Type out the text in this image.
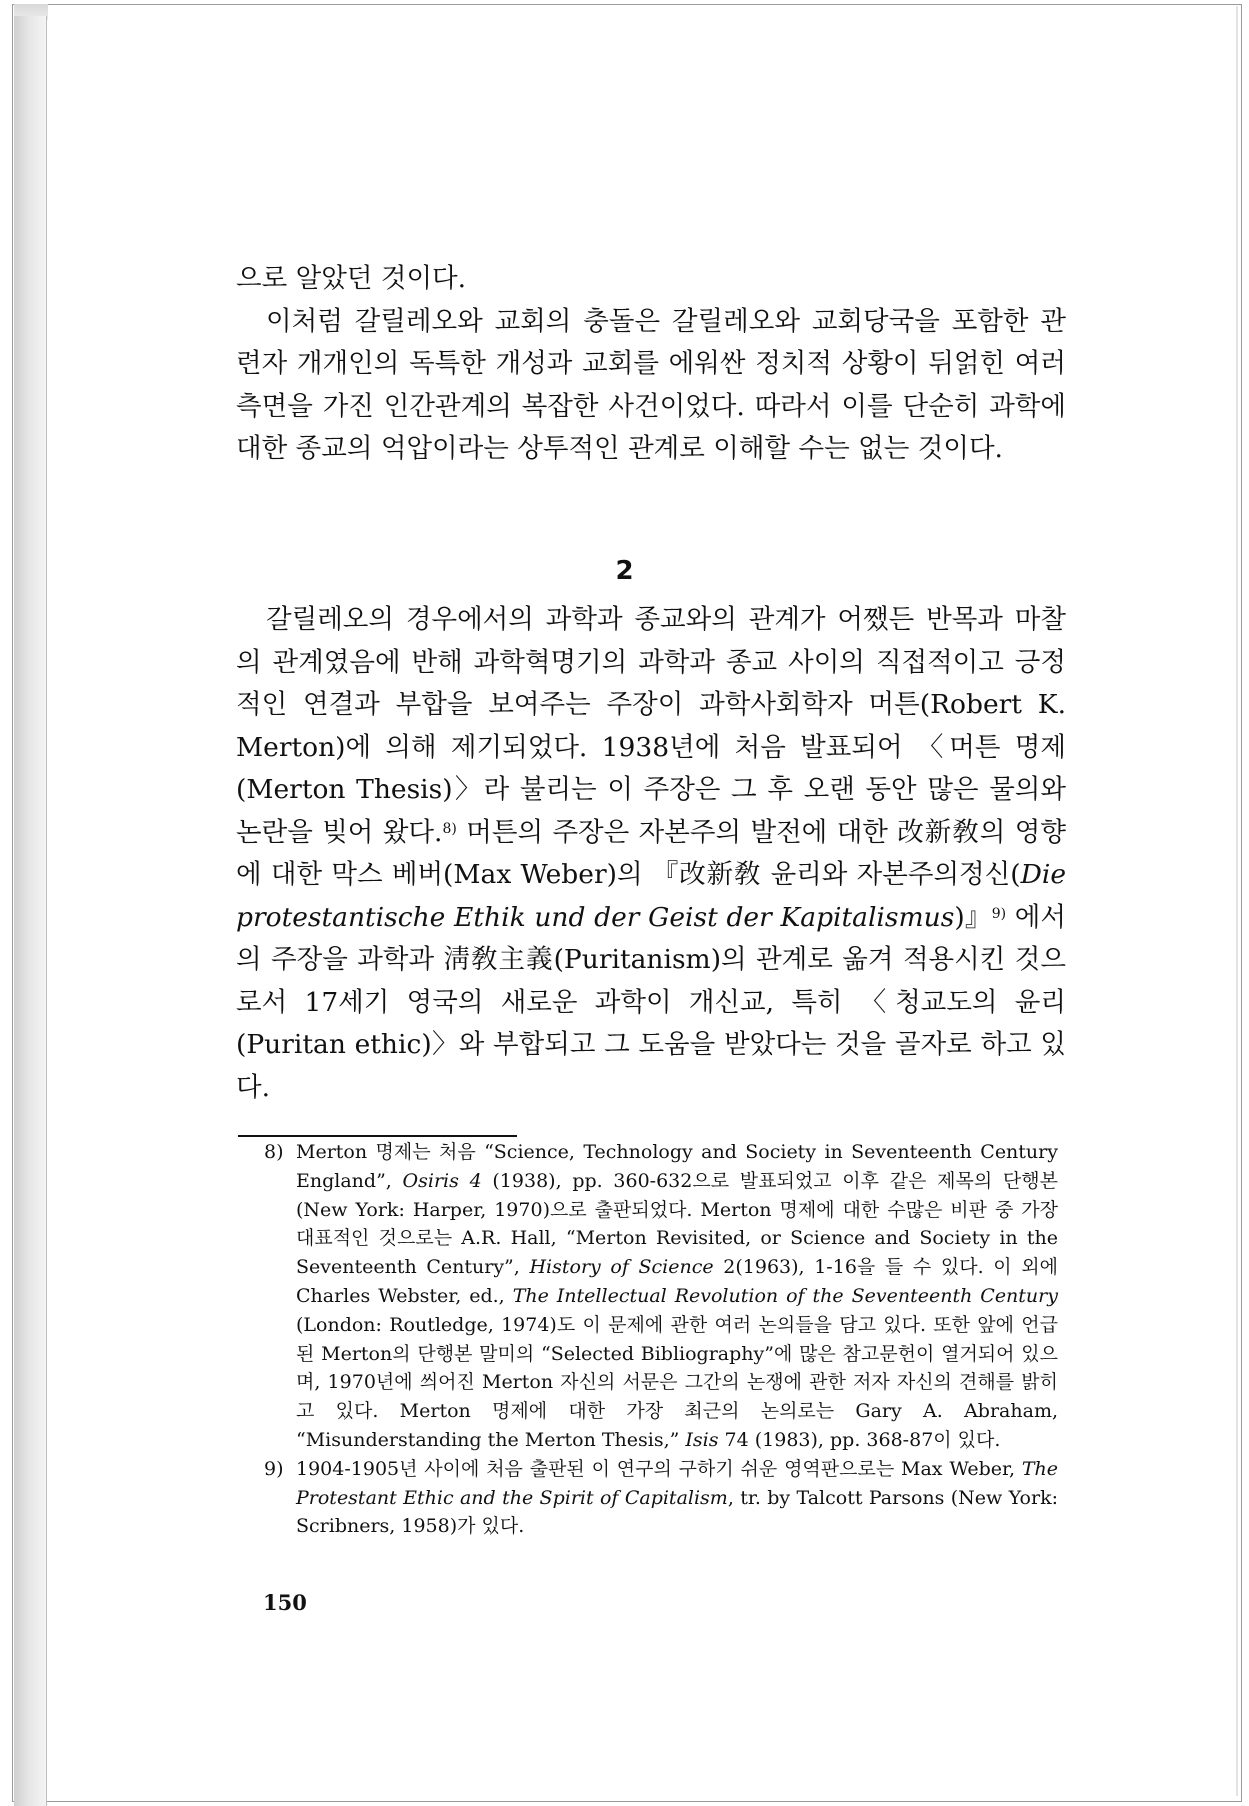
으로 알았던 것이다.

이처럼 갈릴레오와 교회의 충돌은 갈릴레오와 교회당국을 포함한 관련자 개개인의 독특한 개성과 교회를 에워싼 정치적 상황이 뒤얽힌 여러 측면을 가진 인간관계의 복잡한 사건이었다. 따라서 이를 단순히 과학에 대한 종교의 억압이라는 상투적인 관계로 이해할 수는 없는 것이다.

2

갈릴레오의 경우에서의 과학과 종교와의 관계가 어쨌든 반목과 마찰의 관계였음에 반해 과학혁명기의 과학과 종교 사이의 직접적이고 긍정적인 연결과 부합을 보여주는 주장이 과학사회학자 머튼(Robert K. Merton)에 의해 제기되었다. 1938년에 처음 발표되어 〈머튼 명제(Merton Thesis)〉라 불리는 이 주장은 그 후 오랜 동안 많은 물의와 논란을 빚어 왔다.$^{8)}$ 머튼의 주장은 자본주의 발전에 대한 改新敎의 영향에 대한 막스 베버(Max Weber)의 『改新敎 윤리와 자본주의정신(Die protestantische Ethik und der Geist der Kapitalismus)』$^{9)}$ 에서의 주장을 과학과 淸敎主義(Puritanism)의 관계로 옮겨 적용시킨 것으로서 17세기 영국의 새로운 과학이 개신교, 특히 〈청교도의 윤리(Puritan ethic)〉와 부합되고 그 도움을 받았다는 것을 골자로 하고 있다.

8) Merton 명제는 처음 “Science, Technology and Society in Seventeenth Century England”, Osiris 4 (1938), pp. 360-632으로 발표되었고 이후 같은 제목의 단행본(New York: Harper, 1970)으로 출판되었다. Merton 명제에 대한 수많은 비판 중 가장 대표적인 것으로는 A.R. Hall, “Merton Revisited, or Science and Society in the Seventeenth Century”, History of Science 2(1963), 1-16을 들 수 있다. 이 외에 Charles Webster, ed., The Intellectual Revolution of the Seventeenth Century (London: Routledge, 1974)도 이 문제에 관한 여러 논의들을 담고 있다. 또한 앞에 언급된 Merton의 단행본 말미의 “Selected Bibliography”에 많은 참고문헌이 열거되어 있으며, 1970년에 씌어진 Merton 자신의 서문은 그간의 논쟁에 관한 저자 자신의 견해를 밝히고 있다. Merton 명제에 대한 가장 최근의 논의로는 Gary A. Abraham, “Misunderstanding the Merton Thesis,” Isis 74 (1983), pp. 368-87이 있다.

9) 1904-1905년 사이에 처음 출판된 이 연구의 구하기 쉬운 영역판으로는 Max Weber, The Protestant Ethic and the Spirit of Capitalism, tr. by Talcott Parsons (New York: Scribners, 1958)가 있다.

150
